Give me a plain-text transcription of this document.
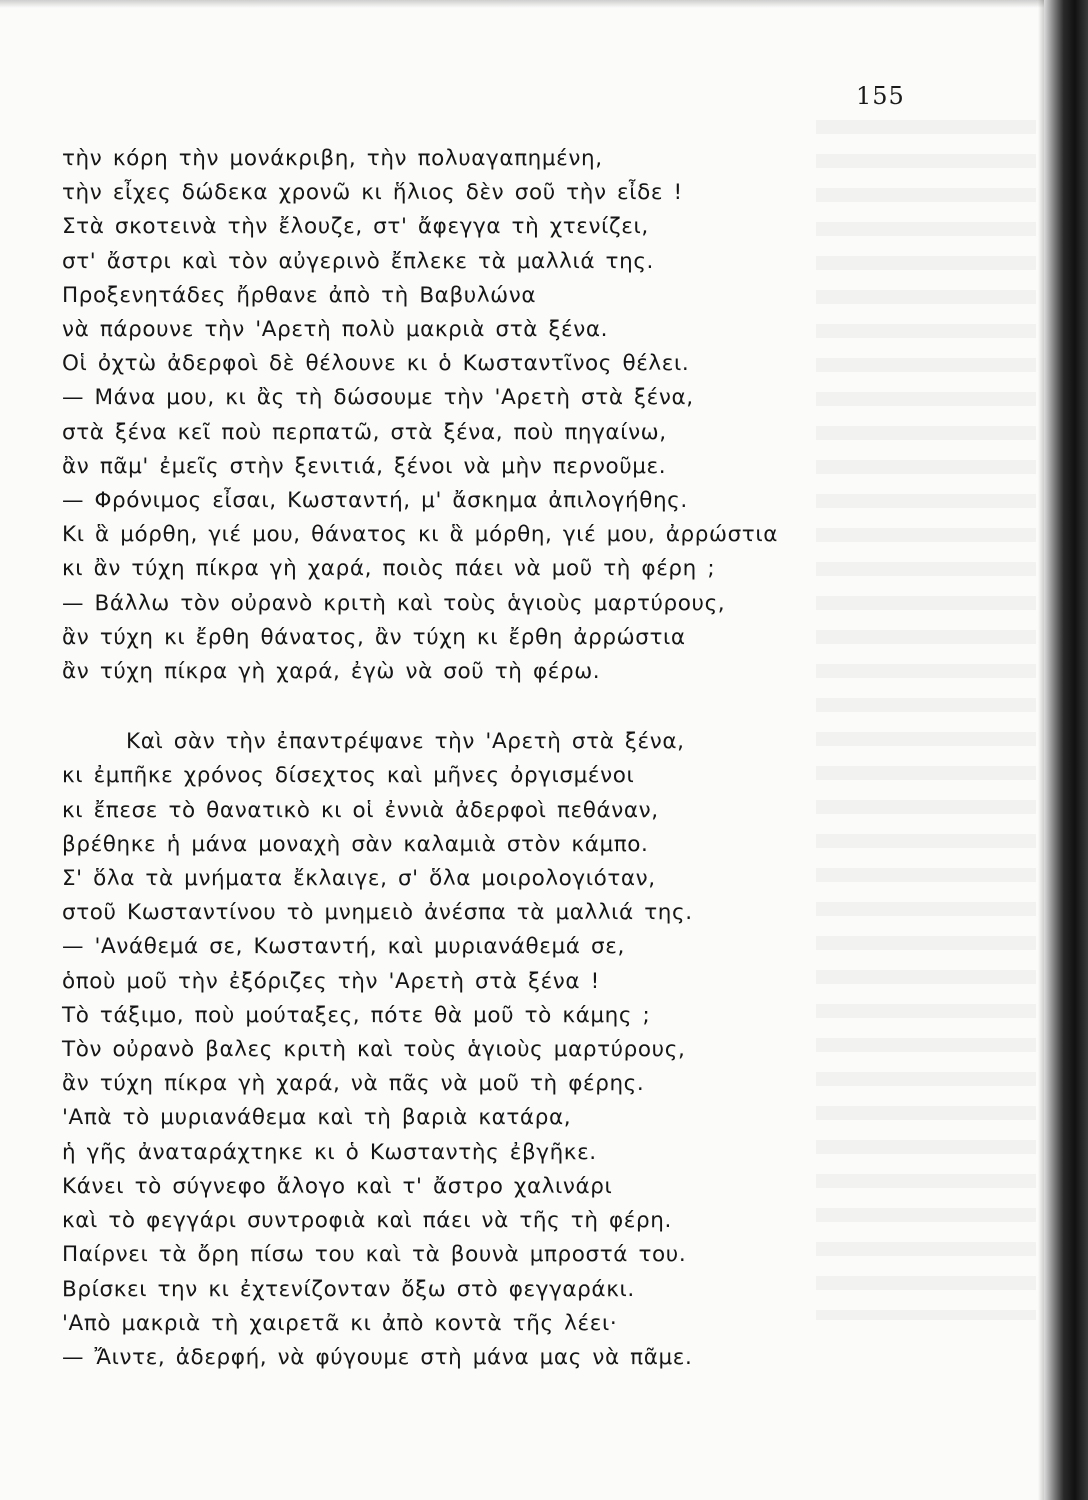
155
τὴν κόρη τὴν μονάκριβη, τὴν πολυαγαπημένη,
τὴν εἶχες δώδεκα χρονῶ κι ἥλιος δὲν σοῦ τὴν εἶδε !
Στὰ σκοτεινὰ τὴν ἔλουζε, στ' ἄφεγγα τὴ χτενίζει,
στ' ἄστρι καὶ τὸν αὐγερινὸ ἔπλεκε τὰ μαλλιά της.
Προξενητάδες ἤρθανε ἀπὸ τὴ Βαβυλώνα
νὰ πάρουνε τὴν 'Αρετὴ πολὺ μακριὰ στὰ ξένα.
Οἱ ὀχτὼ ἀδερφοὶ δὲ θέλουνε κι ὁ Κωσταντῖνος θέλει.
— Μάνα μου, κι ἂς τὴ δώσουμε τὴν 'Αρετὴ στὰ ξένα,
στὰ ξένα κεῖ ποὺ περπατῶ, στὰ ξένα, ποὺ πηγαίνω,
ἂν πᾶμ' ἐμεῖς στὴν ξενιτιά, ξένοι νὰ μὴν περνοῦμε.
— Φρόνιμος εἶσαι, Κωσταντή, μ' ἄσκημα ἀπιλογήθης.
Κι ἃ μόρθη, γιέ μου, θάνατος κι ἃ μόρθη, γιέ μου, ἀρρώστια
κι ἂν τύχη πίκρα γὴ χαρά, ποιὸς πάει νὰ μοῦ τὴ φέρη ;
— Βάλλω τὸν οὐρανὸ κριτὴ καὶ τοὺς ἁγιοὺς μαρτύρους,
ἂν τύχη κι ἔρθη θάνατος, ἂν τύχη κι ἔρθη ἀρρώστια
ἂν τύχη πίκρα γὴ χαρά, ἐγὼ νὰ σοῦ τὴ φέρω.
Καὶ σὰν τὴν ἐπαντρέψανε τὴν 'Αρετὴ στὰ ξένα,
κι ἐμπῆκε χρόνος δίσεχτος καὶ μῆνες ὀργισμένοι
κι ἔπεσε τὸ θανατικὸ κι οἱ ἐννιὰ ἀδερφοὶ πεθάναν,
βρέθηκε ἡ μάνα μοναχὴ σὰν καλαμιὰ στὸν κάμπο.
Σ' ὅλα τὰ μνήματα ἔκλαιγε, σ' ὅλα μοιρολογιόταν,
στοῦ Κωσταντίνου τὸ μνημειὸ ἀνέσπα τὰ μαλλιά της.
— 'Ανάθεμά σε, Κωσταντή, καὶ μυριανάθεμά σε,
ὁποὺ μοῦ τὴν ἐξόριζες τὴν 'Αρετὴ στὰ ξένα !
Τὸ τάξιμο, ποὺ μούταξες, πότε θὰ μοῦ τὸ κάμης ;
Τὸν οὐρανὸ βαλες κριτὴ καὶ τοὺς ἁγιοὺς μαρτύρους,
ἂν τύχη πίκρα γὴ χαρά, νὰ πᾶς νὰ μοῦ τὴ φέρης.
'Απὰ τὸ μυριανάθεμα καὶ τὴ βαριὰ κατάρα,
ἡ γῆς ἀναταράχτηκε κι ὁ Κωσταντὴς ἐβγῆκε.
Κάνει τὸ σύγνεφο ἄλογο καὶ τ' ἄστρο χαλινάρι
καὶ τὸ φεγγάρι συντροφιὰ καὶ πάει νὰ τῆς τὴ φέρη.
Παίρνει τὰ ὄρη πίσω του καὶ τὰ βουνὰ μπροστά του.
Βρίσκει την κι ἐχτενίζονταν ὄξω στὸ φεγγαράκι.
'Απὸ μακριὰ τὴ χαιρετᾶ κι ἀπὸ κοντὰ τῆς λέει·
— Ἄιντε, ἀδερφή, νὰ φύγουμε στὴ μάνα μας νὰ πᾶμε.
